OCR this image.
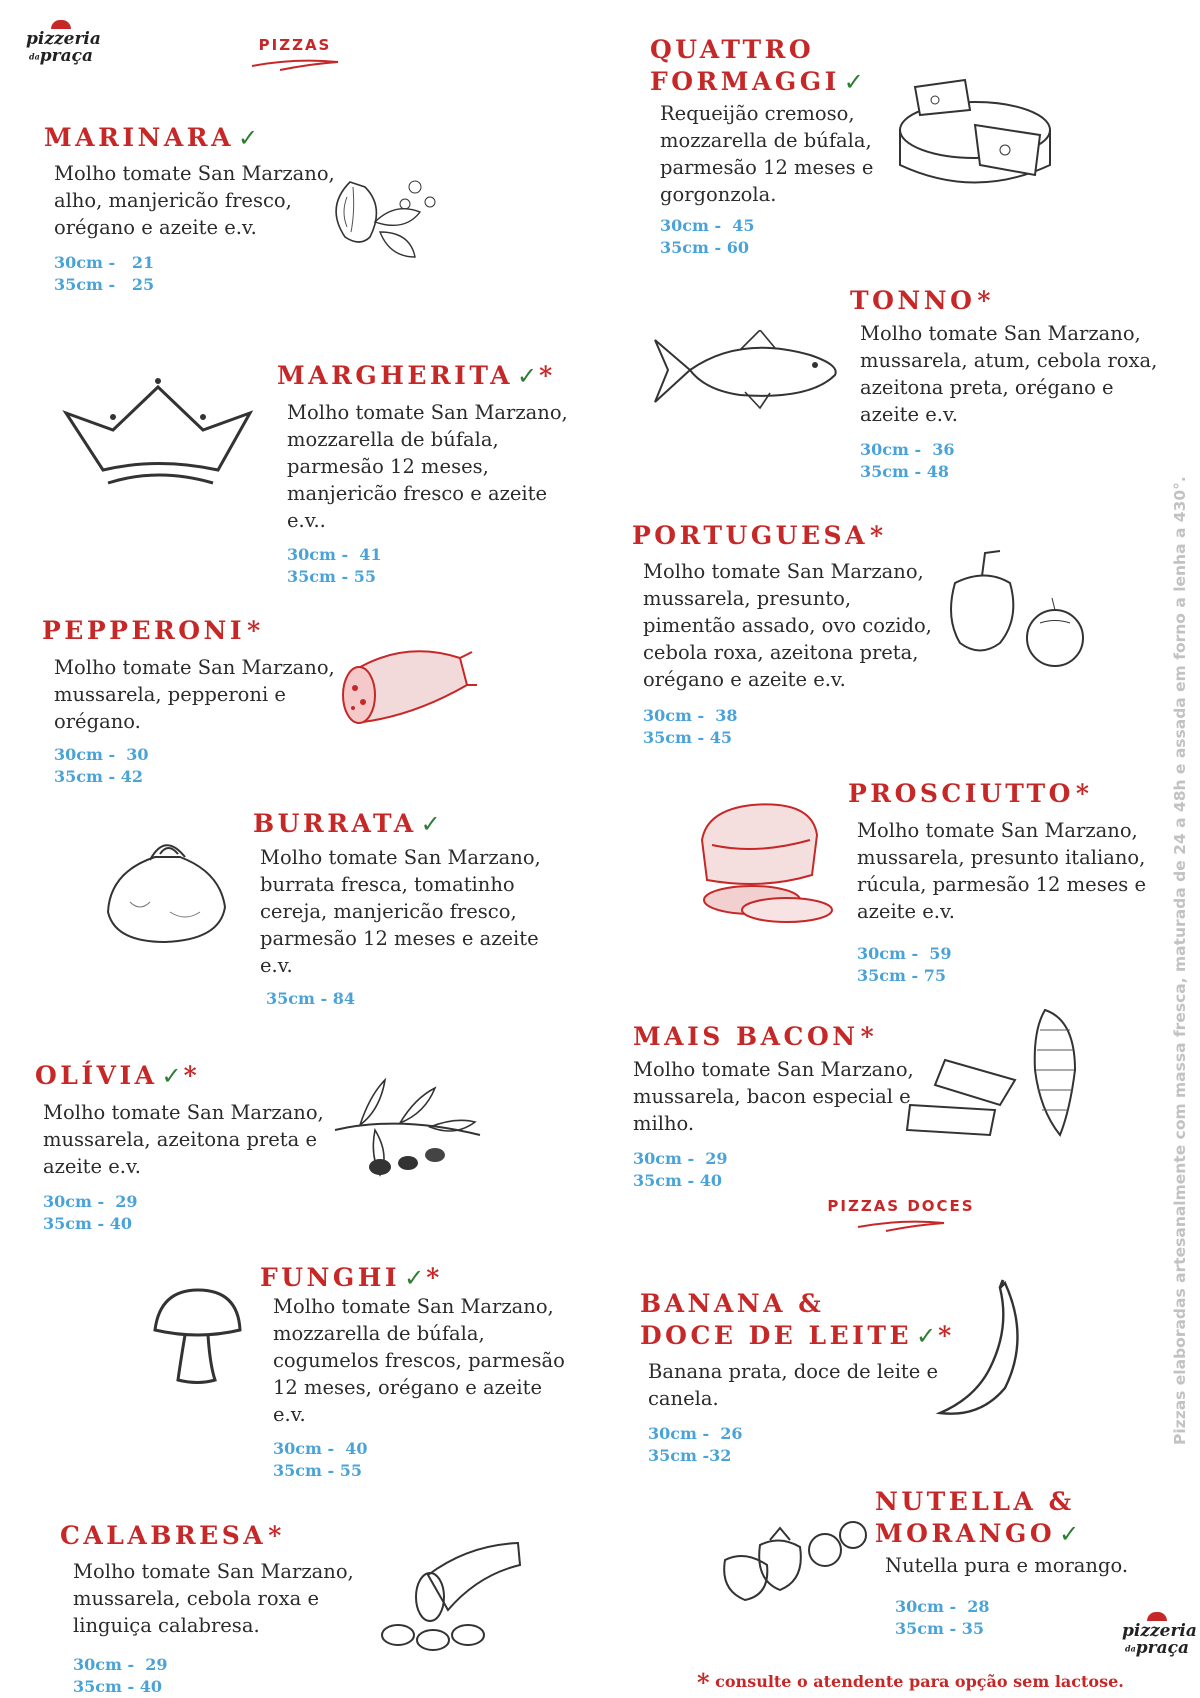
pizzeria
dapraça
pizzeria
dapraça
PIZZAS
PIZZAS DOCES
MARINARA ✓
Molho tomate San Marzano, alho, manjericão fresco, orégano e azeite e.v.
30cm -   21
35cm -   25
MARGHERITA ✓*
Molho tomate San Marzano, mozzarella de búfala, parmesão 12 meses, manjericão fresco e azeite e.v..
30cm -  41
35cm - 55
PEPPERONI*
Molho tomate San Marzano, mussarela, pepperoni e orégano.
30cm -  30
35cm - 42
BURRATA ✓
Molho tomate San Marzano, burrata fresca, tomatinho cereja, manjericão fresco, parmesão 12 meses e azeite e.v.
35cm - 84
OLÍVIA ✓*
Molho tomate San Marzano, mussarela, azeitona preta e azeite e.v.
30cm -  29
35cm - 40
FUNGHI ✓*
Molho tomate San Marzano, mozzarella de búfala, cogumelos frescos, parmesão 12 meses, orégano e azeite e.v.
30cm -  40
35cm - 55
CALABRESA*
Molho tomate San Marzano, mussarela, cebola roxa e linguiça calabresa.
30cm -  29
35cm - 40
QUATTRO
FORMAGGI ✓
Requeijão cremoso, mozzarella de búfala, parmesão 12 meses e gorgonzola.
30cm -  45
35cm - 60
TONNO*
Molho tomate San Marzano, mussarela, atum, cebola roxa, azeitona preta, orégano e azeite e.v.
30cm -  36
35cm - 48
PORTUGUESA*
Molho tomate San Marzano, mussarela, presunto, pimentão assado, ovo cozido, cebola roxa, azeitona preta, orégano e azeite e.v.
30cm -  38
35cm - 45
PROSCIUTTO*
Molho tomate San Marzano, mussarela, presunto italiano, rúcula, parmesão 12 meses e azeite e.v.
30cm -  59
35cm - 75
MAIS BACON*
Molho tomate San Marzano, mussarela, bacon especial e milho.
30cm -  29
35cm - 40
BANANA &
DOCE DE LEITE ✓*
Banana prata, doce de leite e canela.
30cm -  26
35cm -32
NUTELLA &
MORANGO ✓
Nutella pura e morango.
30cm -  28
35cm - 35
Pizzas elaboradas artesanalmente com massa fresca, maturada de 24 a 48h e assada em forno a lenha a 430°.
* consulte o atendente para opção sem lactose.
